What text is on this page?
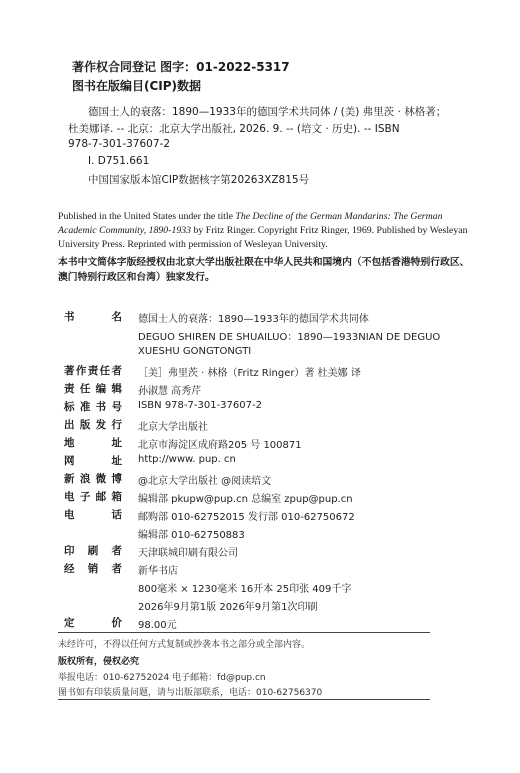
著作权合同登记 图字：01-2022-5317
图书在版编目(CIP)数据
德国士人的衰落：1890—1933年的德国学术共同体 / (美) 弗里茨 · 林格著；
杜美娜译. -- 北京：北京大学出版社, 2026. 9. -- (培文 · 历史). -- ISBN
978-7-301-37607-2
Ⅰ. D751.661
中国国家版本馆CIP数据核字第20263XZ815号
Published in the United States under the title The Decline of the German Mandarins: The German
Academic Community, 1890-1933 by Fritz Ringer. Copyright Fritz Ringer, 1969. Published by Wesleyan
University Press. Reprinted with permission of Wesleyan University.
本书中文简体字版经授权由北京大学出版社限在中华人民共和国境内（不包括香港特别行政区、
澳门特别行政区和台湾）独家发行。
书	名 德国士人的衰落：1890—1933年的德国学术共同体
DEGUO SHIREN DE SHUAILUO：1890—1933NIAN DE DEGUO
XUESHU GONGTONGTI
著 作 责 任 者 ［美］弗里茨 · 林格（Fritz Ringer）著 杜美娜 译
责 任 编 辑 孙淑慧 高秀芹
标 准 书 号 ISBN 978-7-301-37607-2
出 版 发 行 北京大学出版社
地	址 北京市海淀区成府路205 号 100871
网	址 http://www. pup. cn
新 浪 微 博 @北京大学出版社 @阅读培文
电 子 邮 箱 编辑部 pkupw@pup.cn 总编室 zpup@pup.cn
电	话 邮购部 010-62752015 发行部 010-62750672
编辑部 010-62750883
印 刷 者 天津联城印刷有限公司
经 销 者 新华书店
800毫米 × 1230毫米 16开本 25印张 409千字
2026年9月第1版 2026年9月第1次印刷
定	价 98.00元
未经许可，不得以任何方式复制或抄袭本书之部分或全部内容。
版权所有，侵权必究
举报电话：010-62752024 电子邮箱：fd@pup.cn
图书如有印装质量问题，请与出版部联系，电话：010-62756370
